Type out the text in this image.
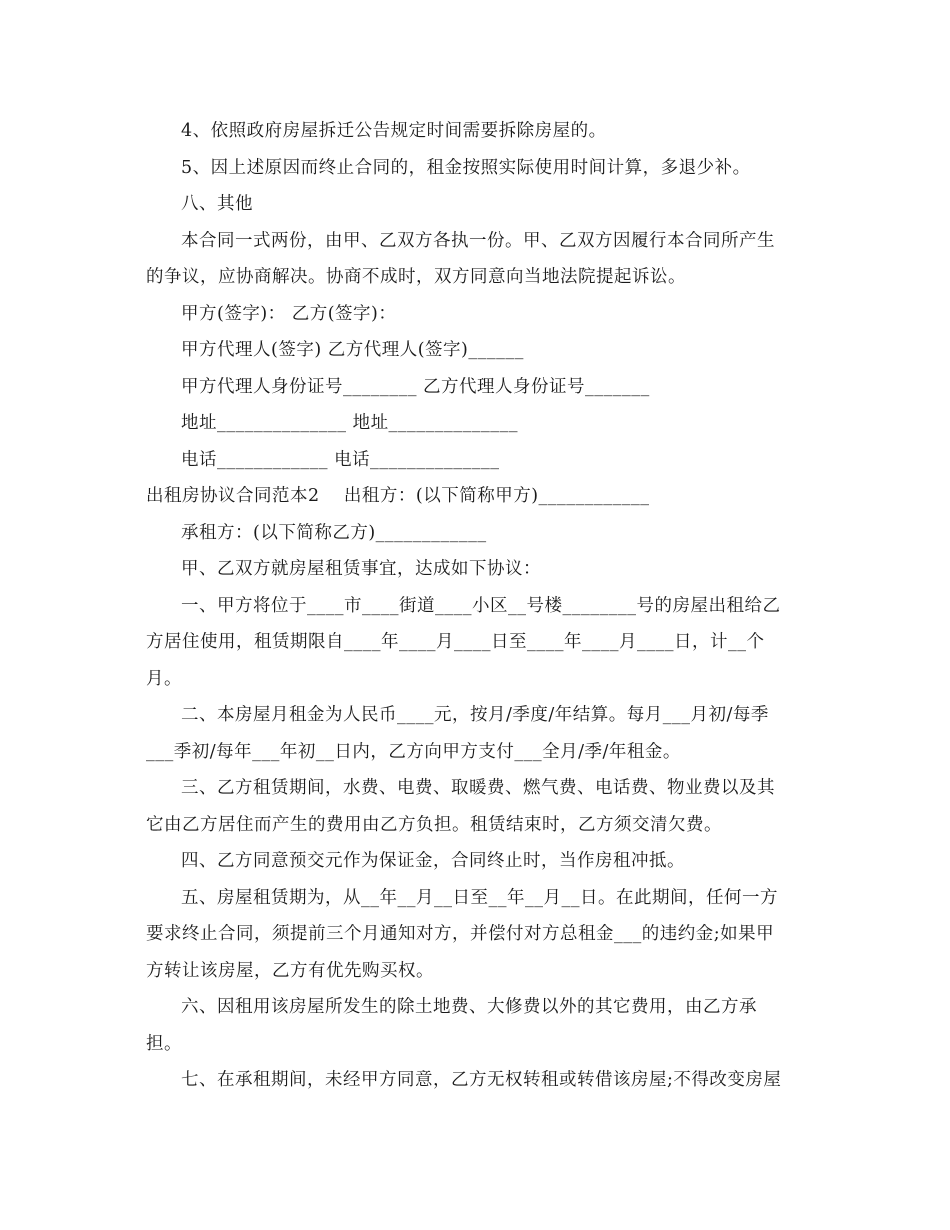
4、依照政府房屋拆迁公告规定时间需要拆除房屋的。
5、因上述原因而终止合同的，租金按照实际使用时间计算，多退少补。
八、其他
本合同一式两份，由甲、乙双方各执一份。甲、乙双方因履行本合同所产生
的争议，应协商解决。协商不成时，双方同意向当地法院提起诉讼。
甲方(签字)： 乙方(签字)：
甲方代理人(签字) 乙方代理人(签字)______
甲方代理人身份证号________ 乙方代理人身份证号_______
地址______________ 地址______________
电话____________ 电话______________
出租房协议合同范本2    出租方：(以下简称甲方)____________
承租方：(以下简称乙方)____________
甲、乙双方就房屋租赁事宜，达成如下协议：
一、甲方将位于____市____街道____小区__号楼________号的房屋出租给乙
方居住使用，租赁期限自____年____月____日至____年____月____日，计__个
月。
二、本房屋月租金为人民币____元，按月/季度/年结算。每月___月初/每季
___季初/每年___年初__日内，乙方向甲方支付___全月/季/年租金。
三、乙方租赁期间，水费、电费、取暖费、燃气费、电话费、物业费以及其
它由乙方居住而产生的费用由乙方负担。租赁结束时，乙方须交清欠费。
四、乙方同意预交元作为保证金，合同终止时，当作房租冲抵。
五、房屋租赁期为，从__年__月__日至__年__月__日。在此期间，任何一方
要求终止合同，须提前三个月通知对方，并偿付对方总租金___的违约金;如果甲
方转让该房屋，乙方有优先购买权。
六、因租用该房屋所发生的除土地费、大修费以外的其它费用，由乙方承
担。
七、在承租期间，未经甲方同意，乙方无权转租或转借该房屋;不得改变房屋
